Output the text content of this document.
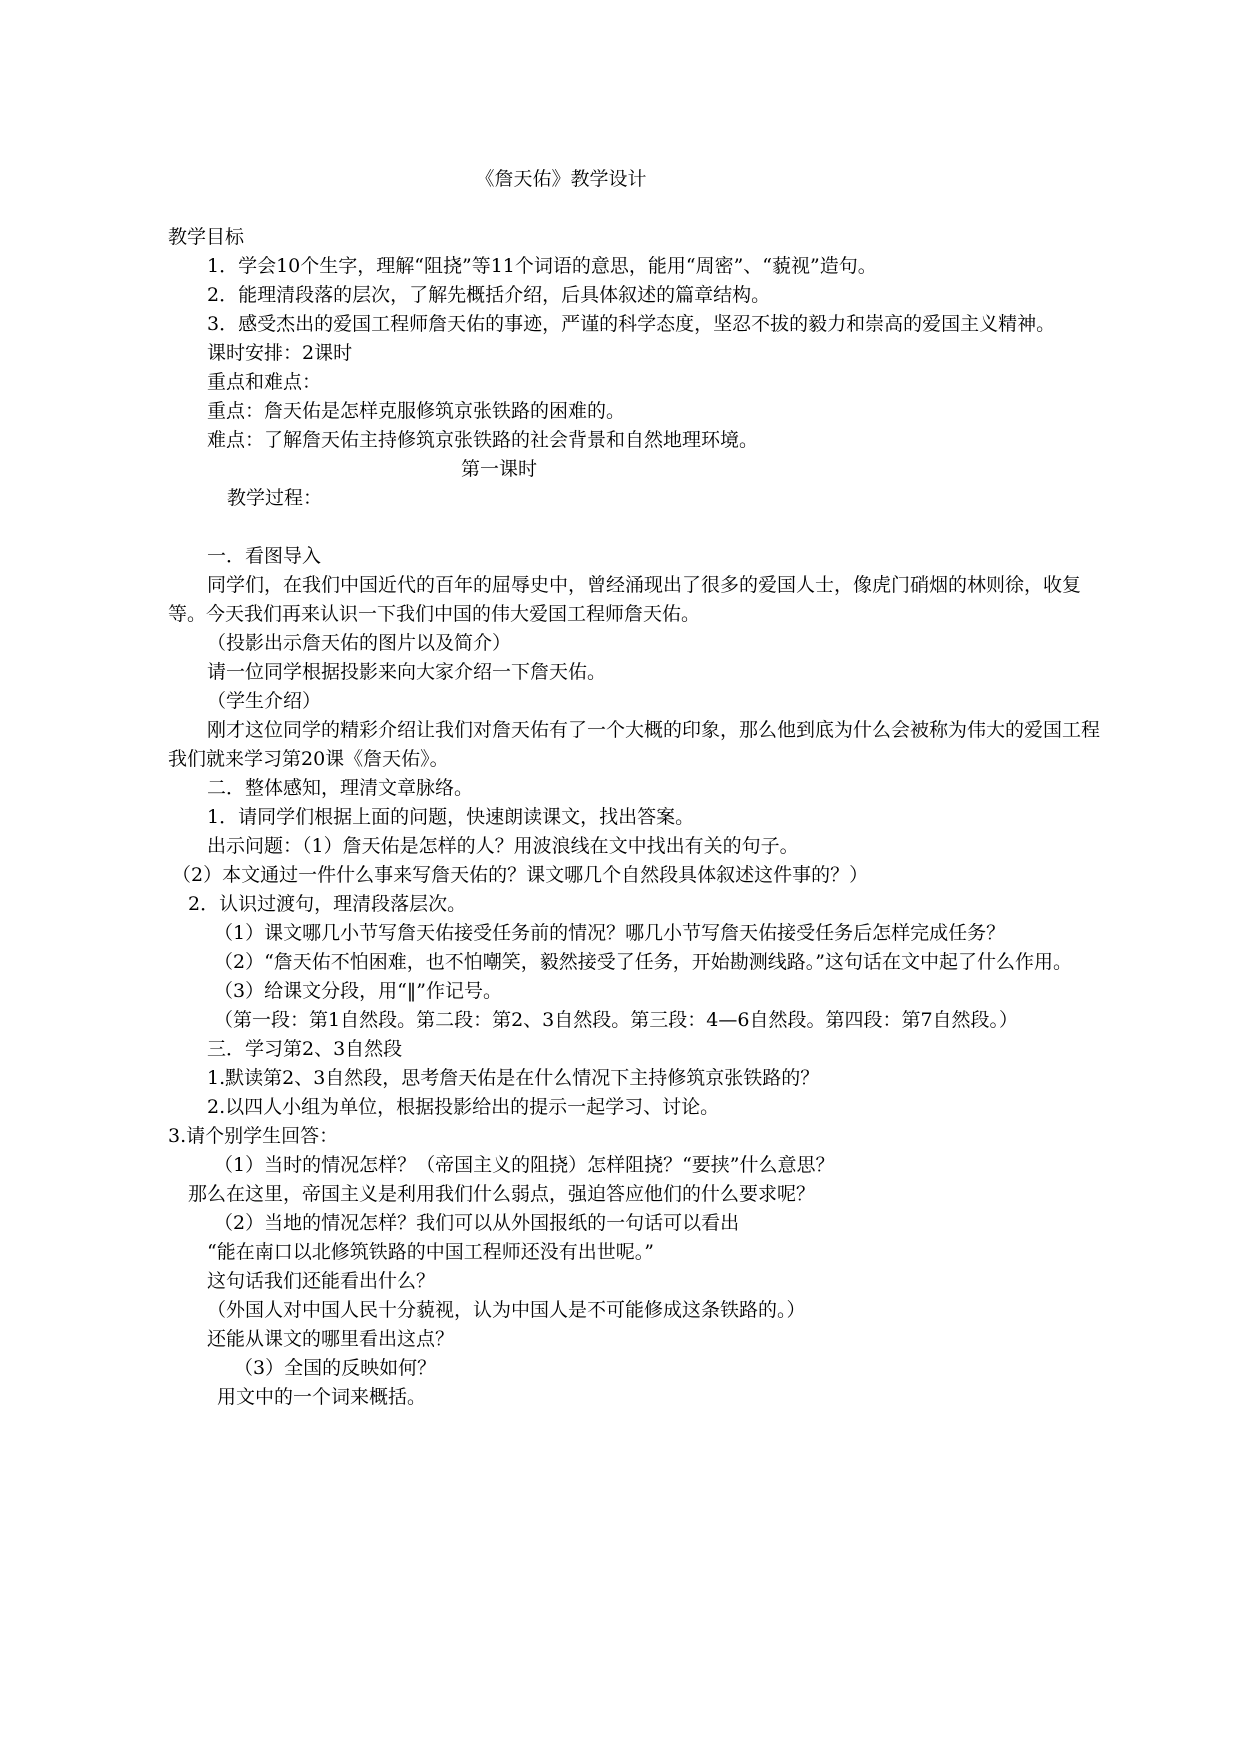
《詹天佑》教学设计
教学目标
1．学会10个生字，理解“阻挠”等11个词语的意思，能用“周密”、“藐视”造句。
2．能理清段落的层次，了解先概括介绍，后具体叙述的篇章结构。
3．感受杰出的爱国工程师詹天佑的事迹，严谨的科学态度，坚忍不拔的毅力和崇高的爱国主义精神。
课时安排：2课时
重点和难点：
重点：詹天佑是怎样克服修筑京张铁路的困难的。
难点：了解詹天佑主持修筑京张铁路的社会背景和自然地理环境。
第一课时
教学过程：
一．看图导入
同学们，在我们中国近代的百年的屈辱史中，曾经涌现出了很多的爱国人士，像虎门硝烟的林则徐，收复
等。今天我们再来认识一下我们中国的伟大爱国工程师詹天佑。
（投影出示詹天佑的图片以及简介）
请一位同学根据投影来向大家介绍一下詹天佑。
（学生介绍）
刚才这位同学的精彩介绍让我们对詹天佑有了一个大概的印象，那么他到底为什么会被称为伟大的爱国工程
我们就来学习第20课《詹天佑》。
二．整体感知，理清文章脉络。
1．请同学们根据上面的问题，快速朗读课文，找出答案。
出示问题：（1）詹天佑是怎样的人？用波浪线在文中找出有关的句子。
（2）本文通过一件什么事来写詹天佑的？课文哪几个自然段具体叙述这件事的？）
2．认识过渡句，理清段落层次。
（1）课文哪几小节写詹天佑接受任务前的情况？哪几小节写詹天佑接受任务后怎样完成任务？
（2）“詹天佑不怕困难，也不怕嘲笑，毅然接受了任务，开始勘测线路。”这句话在文中起了什么作用。
（3）给课文分段，用“‖”作记号。
（第一段：第1自然段。第二段：第2、3自然段。第三段：4—6自然段。第四段：第7自然段。）
三．学习第2、3自然段
1.默读第2、3自然段，思考詹天佑是在什么情况下主持修筑京张铁路的？
2.以四人小组为单位，根据投影给出的提示一起学习、讨论。
3.请个别学生回答：
（1）当时的情况怎样？（帝国主义的阻挠）怎样阻挠？“要挟”什么意思？
那么在这里，帝国主义是利用我们什么弱点，强迫答应他们的什么要求呢？
（2）当地的情况怎样？我们可以从外国报纸的一句话可以看出
“能在南口以北修筑铁路的中国工程师还没有出世呢。”
这句话我们还能看出什么？
（外国人对中国人民十分藐视，认为中国人是不可能修成这条铁路的。）
还能从课文的哪里看出这点？
（3）全国的反映如何？
用文中的一个词来概括。
